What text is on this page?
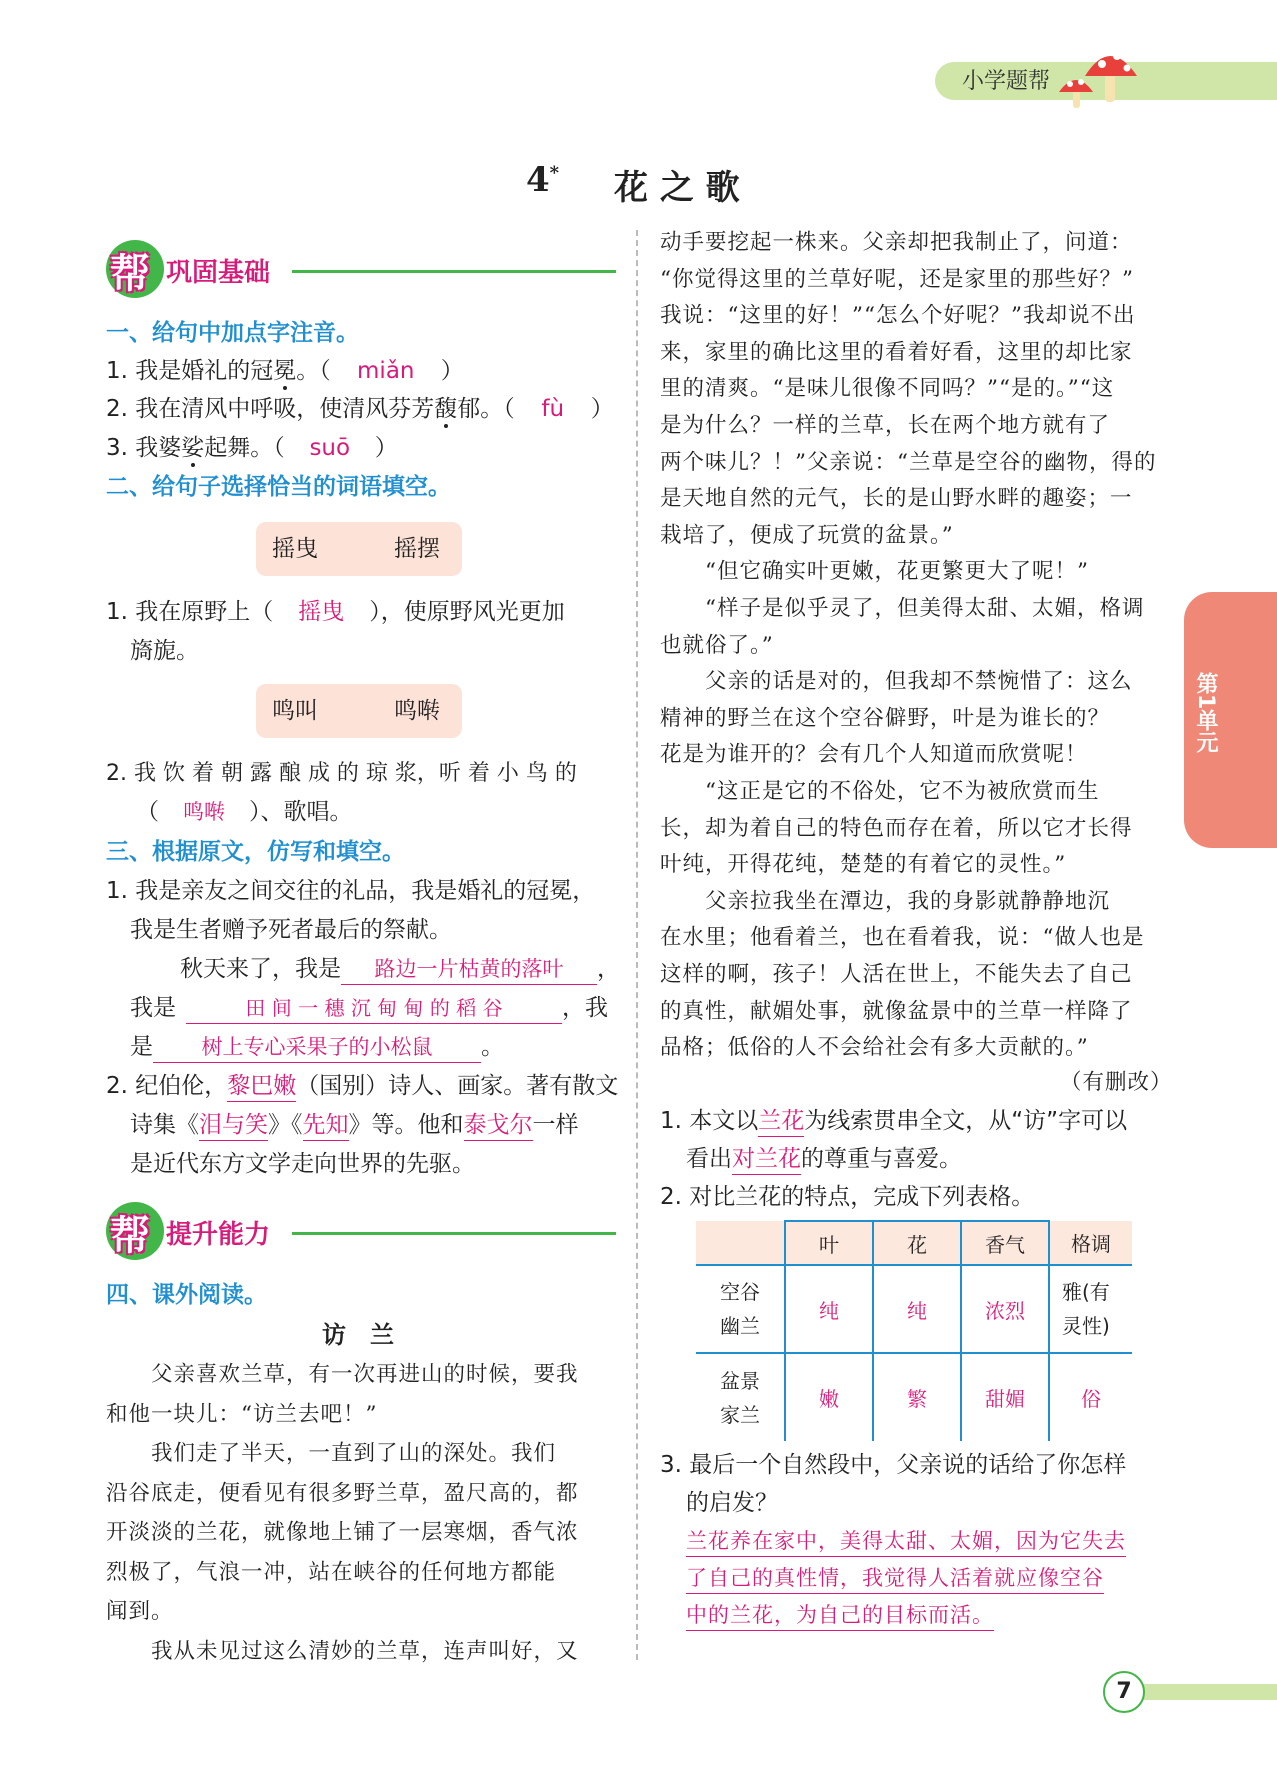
小学题帮
4* 花 之 歌
第1单元
帮 巩固基础
一、给句中加点字注音。
1. 我是婚礼的冠冕。（ miǎn ）
2. 我在清风中呼吸，使清风芬芳馥郁。（ fù ）
3. 我婆娑起舞。（ suō ）
二、给句子选择恰当的词语填空。
摇曳	摇摆
1. 我在原野上（ 摇曳 ），使原野风光更加
旖旎。
鸣叫	鸣啭
2. 我 饮 着 朝 露 酿 成 的 琼 浆，听 着 小 鸟 的
（ 鸣啭 ）、歌唱。
三、根据原文，仿写和填空。
1. 我是亲友之间交往的礼品，我是婚礼的冠冕，
我是生者赠予死者最后的祭献。
秋天来了，我是 路边一片枯黄的落叶 ，
我是	田 间 一 穗 沉 甸 甸 的 稻 谷	，我
是 树上专心采果子的小松鼠 。
2. 纪伯伦，黎巴嫩（国别）诗人、画家。著有散文
诗集《泪与笑》《先知》等。他和泰戈尔一样
是近代东方文学走向世界的先驱。
帮 提升能力
四、课外阅读。
访　兰
　　父亲喜欢兰草，有一次再进山的时候，要我
和他一块儿：“访兰去吧！”
　　我们走了半天，一直到了山的深处。我们
沿谷底走，便看见有很多野兰草，盈尺高的，都
开淡淡的兰花，就像地上铺了一层寒烟，香气浓
烈极了，气浪一冲，站在峡谷的任何地方都能
闻到。
　　我从未见过这么清妙的兰草，连声叫好，又
动手要挖起一株来。父亲却把我制止了，问道：
“你觉得这里的兰草好呢，还是家里的那些好？”
我说：“这里的好！”“怎么个好呢？”我却说不出
来，家里的确比这里的看着好看，这里的却比家
里的清爽。“是味儿很像不同吗？”“是的。”“这
是为什么？一样的兰草，长在两个地方就有了
两个味儿？！”父亲说：“兰草是空谷的幽物，得的
是天地自然的元气，长的是山野水畔的趣姿；一
栽培了，便成了玩赏的盆景。”
　　“但它确实叶更嫩，花更繁更大了呢！”
　　“样子是似乎灵了，但美得太甜、太媚，格调
也就俗了。”
　　父亲的话是对的，但我却不禁惋惜了：这么
精神的野兰在这个空谷僻野，叶是为谁长的？
花是为谁开的？会有几个人知道而欣赏呢！
　　“这正是它的不俗处，它不为被欣赏而生
长，却为着自己的特色而存在着，所以它才长得
叶纯，开得花纯，楚楚的有着它的灵性。”
　　父亲拉我坐在潭边，我的身影就静静地沉
在水里；他看着兰，也在看着我，说：“做人也是
这样的啊，孩子！人活在世上，不能失去了自己
的真性，献媚处事，就像盆景中的兰草一样降了
品格；低俗的人不会给社会有多大贡献的。”
（有删改）
1. 本文以兰花为线索贯串全文，从“访”字可以
看出对兰花的尊重与喜爱。
2. 对比兰花的特点，完成下列表格。
	叶	花	香气	格调
空谷幽兰	纯	纯	浓烈	雅(有灵性)
盆景家兰	嫩	繁	甜媚	俗
3. 最后一个自然段中，父亲说的话给了你怎样
的启发？
兰花养在家中，美得太甜、太媚，因为它失去
了自己的真性情，我觉得人活着就应像空谷
中的兰花，为自己的目标而活。
7
